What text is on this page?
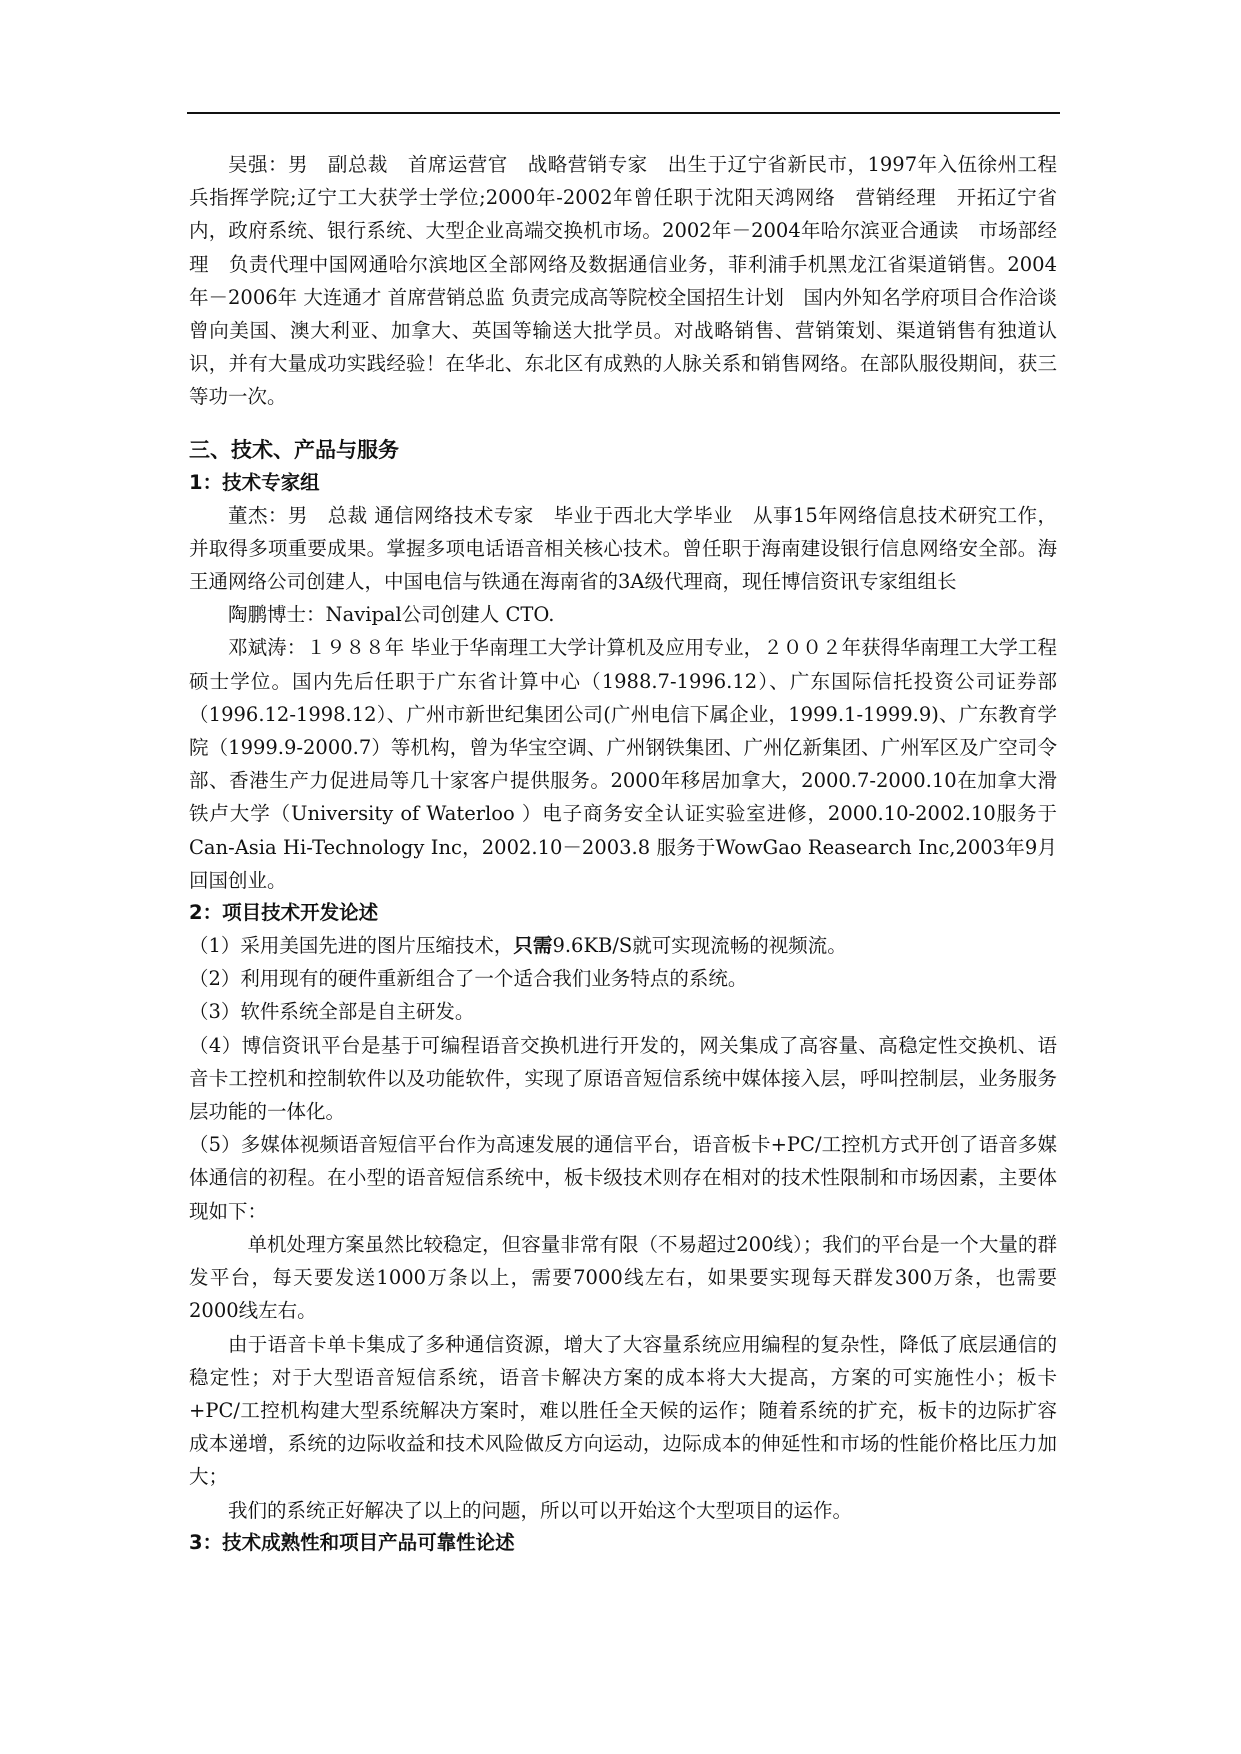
吴强：男　副总裁　首席运营官　战略营销专家　出生于辽宁省新民市，1997年入伍徐州工程兵指挥学院;辽宁工大获学士学位;2000年-2002年曾任职于沈阳天鸿网络　营销经理　开拓辽宁省内，政府系统、银行系统、大型企业高端交换机市场。2002年－2004年哈尔滨亚合通读　市场部经理　负责代理中国网通哈尔滨地区全部网络及数据通信业务，菲利浦手机黑龙江省渠道销售。2004年－2006年 大连通才 首席营销总监 负责完成高等院校全国招生计划　国内外知名学府项目合作洽谈　曾向美国、澳大利亚、加拿大、英国等输送大批学员。对战略销售、营销策划、渠道销售有独道认识，并有大量成功实践经验！在华北、东北区有成熟的人脉关系和销售网络。在部队服役期间，获三等功一次。

三、技术、产品与服务

1：技术专家组

董杰：男　总裁 通信网络技术专家　毕业于西北大学毕业　从事15年网络信息技术研究工作，并取得多项重要成果。掌握多项电话语音相关核心技术。曾任职于海南建设银行信息网络安全部。海王通网络公司创建人，中国电信与铁通在海南省的3A级代理商，现任博信资讯专家组组长

陶鹏博士：Navipal公司创建人 CTO.

邓斌涛：１９８８年 毕业于华南理工大学计算机及应用专业，２００２年获得华南理工大学工程硕士学位。国内先后任职于广东省计算中心（1988.7-1996.12）、广东国际信托投资公司证券部（1996.12-1998.12）、广州市新世纪集团公司(广州电信下属企业，1999.1-1999.9)、广东教育学院（1999.9-2000.7）等机构，曾为华宝空调、广州钢铁集团、广州亿新集团、广州军区及广空司令部、香港生产力促进局等几十家客户提供服务。2000年移居加拿大，2000.7-2000.10在加拿大滑铁卢大学（University of Waterloo ）电子商务安全认证实验室进修，2000.10-2002.10服务于 Can-Asia Hi-Technology Inc，2002.10－2003.8 服务于WowGao Reasearch Inc,2003年9月回国创业。

2：项目技术开发论述

（1）采用美国先进的图片压缩技术，只需9.6KB/S就可实现流畅的视频流。

（2）利用现有的硬件重新组合了一个适合我们业务特点的系统。

（3）软件系统全部是自主研发。

（4）博信资讯平台是基于可编程语音交换机进行开发的，网关集成了高容量、高稳定性交换机、语音卡工控机和控制软件以及功能软件，实现了原语音短信系统中媒体接入层，呼叫控制层，业务服务层功能的一体化。

（5）多媒体视频语音短信平台作为高速发展的通信平台，语音板卡+PC/工控机方式开创了语音多媒体通信的初程。在小型的语音短信系统中，板卡级技术则存在相对的技术性限制和市场因素，主要体现如下：

单机处理方案虽然比较稳定，但容量非常有限（不易超过200线）；我们的平台是一个大量的群发平台，每天要发送1000万条以上，需要7000线左右，如果要实现每天群发300万条，也需要2000线左右。

由于语音卡单卡集成了多种通信资源，增大了大容量系统应用编程的复杂性，降低了底层通信的稳定性；对于大型语音短信系统，语音卡解决方案的成本将大大提高，方案的可实施性小；板卡+PC/工控机构建大型系统解决方案时，难以胜任全天候的运作；随着系统的扩充，板卡的边际扩容成本递增，系统的边际收益和技术风险做反方向运动，边际成本的伸延性和市场的性能价格比压力加大；

我们的系统正好解决了以上的问题，所以可以开始这个大型项目的运作。

3：技术成熟性和项目产品可靠性论述
